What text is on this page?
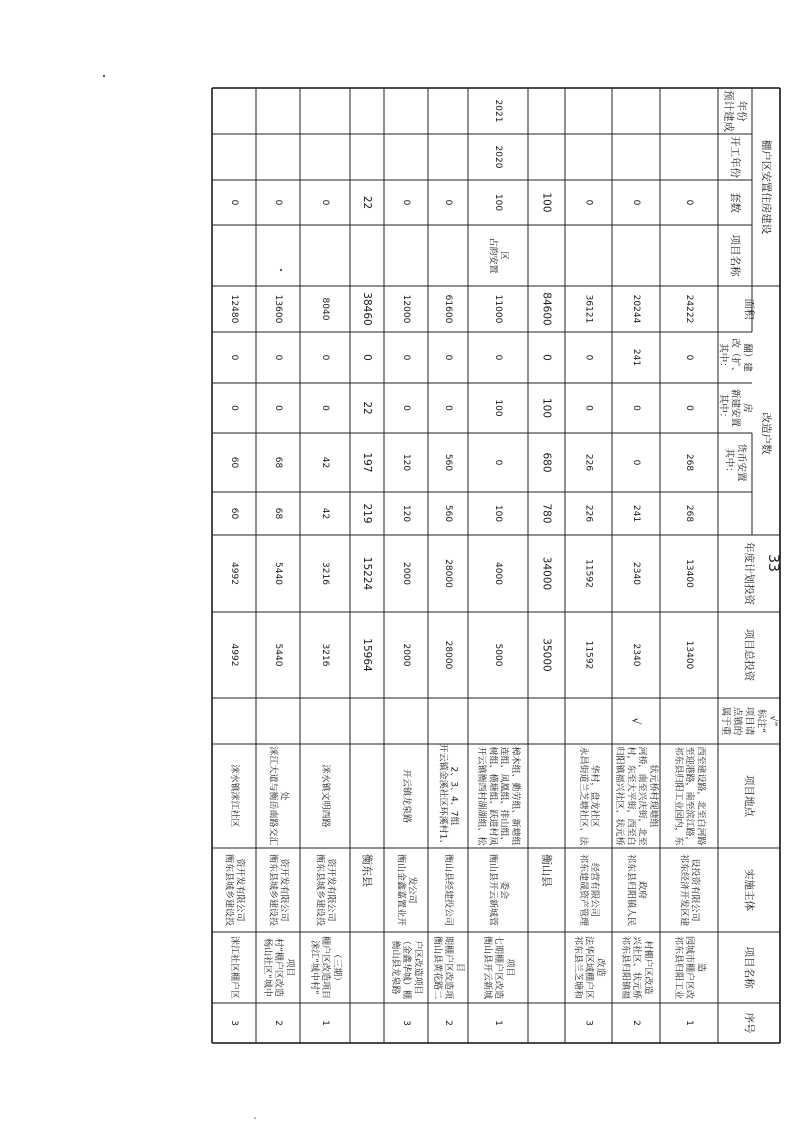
序号
项目名称
实施主体
项目地点
属于重 点镇的 项目请 标注“ √”
项目总投资
年度计划投资
改造户数
棚户区安置住房建设
其中： 货币安置
其中： 新建安置 房
其中： 改（扩、 翻）建
面积
项目名称
套数
开工年份
预计建成 年份
1
祁东县归阳工业 园城市棚户区改 造
祁东经济开发区建 设投资有限公司
祁东县归阳工业园内，东 至迎港路，南至滨江路， 西至建设路，北至白河路
13400
13400
268
268
0
0
24222
0
2
祁东县归阳镇福 兴社区、状元桥 村棚户区改造
祁东县归阳镇人民 政府
归阳镇福兴社区、状元桥 村，东至大平街，西至白 河桥，南至兴庆街，北至 状元桥村现塘组
√
2340
2340
241
0
0
241
20244
0
3
祁东县兰芝塘和 法华区域棚户区 改造
祁东建晟资产管理 经营有限公司
永昌街道兰芝塘社区、法 华村，盘龙社区
11592
11592
226
226
0
0
36121
0
衡山县
35000
34000
780
680
100
0
84600
100
1
衡山县开云新城 七期棚户区改造 项目
衡山县开云新城管 委会
开云镇衡西村湖湖组、松 树组、横塘组、跃进村凤 连组、凤凰组、排山组、 樟木组、勤劳组、新塘组
占韵安置 区
2020
2021
5000
4000
100
0
100
0
11000
100
2
衡山县黄花路二 期棚户区改造项 目
衡山县经建投公司
开云镇金溪社区环溪村1、 2、3、4、7组
28000
28000
560
560
0
0
61600
0
3
衡山县龙泉路 （金鑫华城）棚 户区改造项目
衡山金鑫嘉置业开 发公司
开云镇龙泉路
2000
2000
120
120
0
0
12000
0
衡东县
15964
15224
219
197
22
0
38460
22
1
洣江“城中村” 棚户区改造项目 （三期）
衡东县城乡建设投 资开发有限公司
洣水镇文明西路
3216
3216
42
42
0
0
8040
0
2
杨山社区“城中 村”棚户区改造 项目
衡东县城乡建设投 资开发有限公司
洣江大道与衡岳南路交汇 处
5440
5440
68
68
0
0
13600
0
3
洣江社区棚户区
衡东县城乡建设投 资开发有限公司
洣水镇洣江社区
4992
4992
60
60
0
0
12480
0
33
